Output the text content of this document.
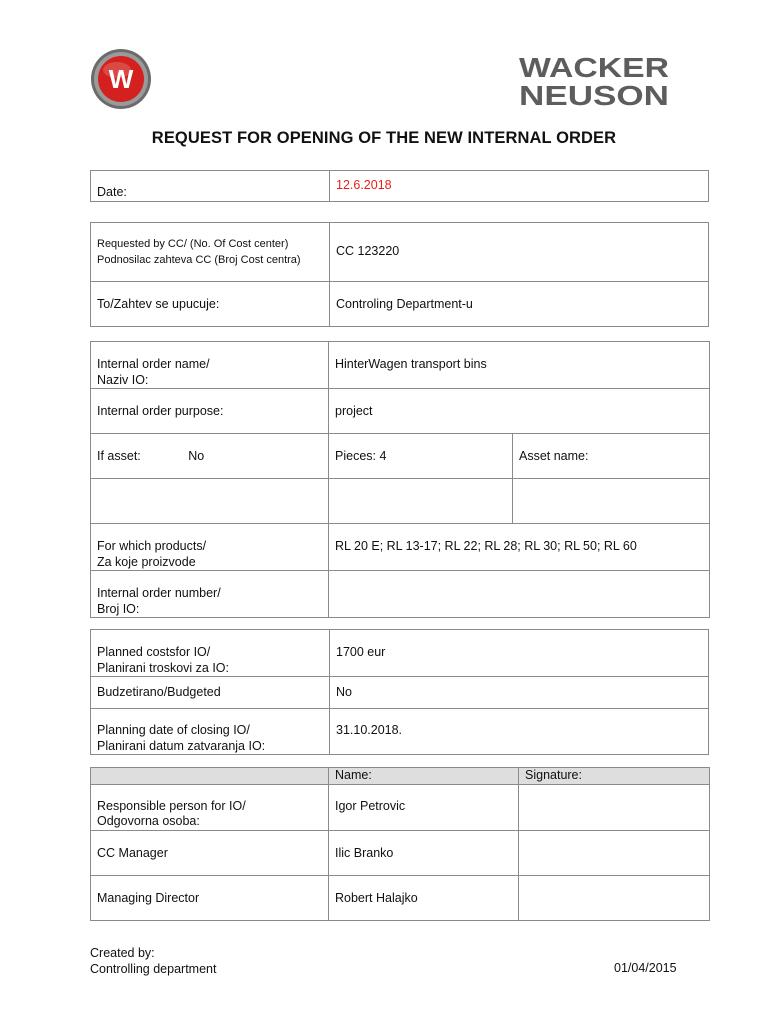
W	WACKER
NEUSON
REQUEST FOR OPENING OF THE NEW INTERNAL ORDER
Date:	12.6.2018
Requested by CC/ (No. Of Cost center)
Podnosilac zahteva CC (Broj Cost centra)	CC 123220
To/Zahtev se upucuje:	Controling Department-u
Internal order name/
Naziv IO:	HinterWagen transport bins	
Internal order purpose:	project	
If asset: No	Pieces: 4	Asset name:

For which products/
Za koje proizvode	RL 20 E; RL 13-17; RL 22; RL 28; RL 30; RL 50; RL 60	

Internal order number/
Broj IO:		

Planned costsfor IO/
Planirani troskovi za IO:	1700 eur
Budzetirano/Budgeted	No

Planning date of closing IO/
Planirani datum zatvaranja IO:	31.10.2018.
	Name:	Signature:

Responsible person for IO/
Odgovorna osoba:	Igor Petrovic	

CC Manager	Ilic Branko	

Managing Director	Robert Halajko	
Created by:
Controlling department	01/04/2015
